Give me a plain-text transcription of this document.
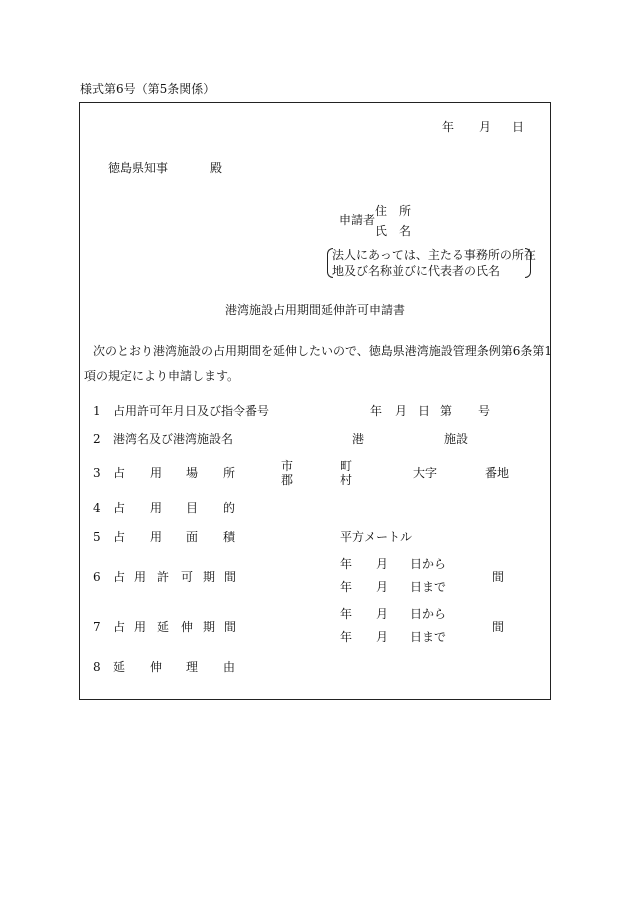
様式第6号（第5条関係）
年 月 日
徳島県知事	殿
申請者
住　所
氏　名
法人にあっては、主たる事務所の所在
地及び名称並びに代表者の氏名
港湾施設占用期間延伸許可申請書
次のとおり港湾施設の占用期間を延伸したいので、徳島県港湾施設管理条例第6条第1
項の規定により申請します。
1 占用許可年月日及び指令番号	年 月 日 第 号
2 港湾名及び港湾施設名	港	施設
3 占 用 場 所	市
郡
町
村	大字	番地
4 占 用 目 的
5 占 用 面 積	平方メートル
6 占 用 許 可 期 間
年 月 日から
年 月 日まで
間
7 占 用 延 伸 期 間
年 月 日から
年 月 日まで
間
8 延 伸 理 由
